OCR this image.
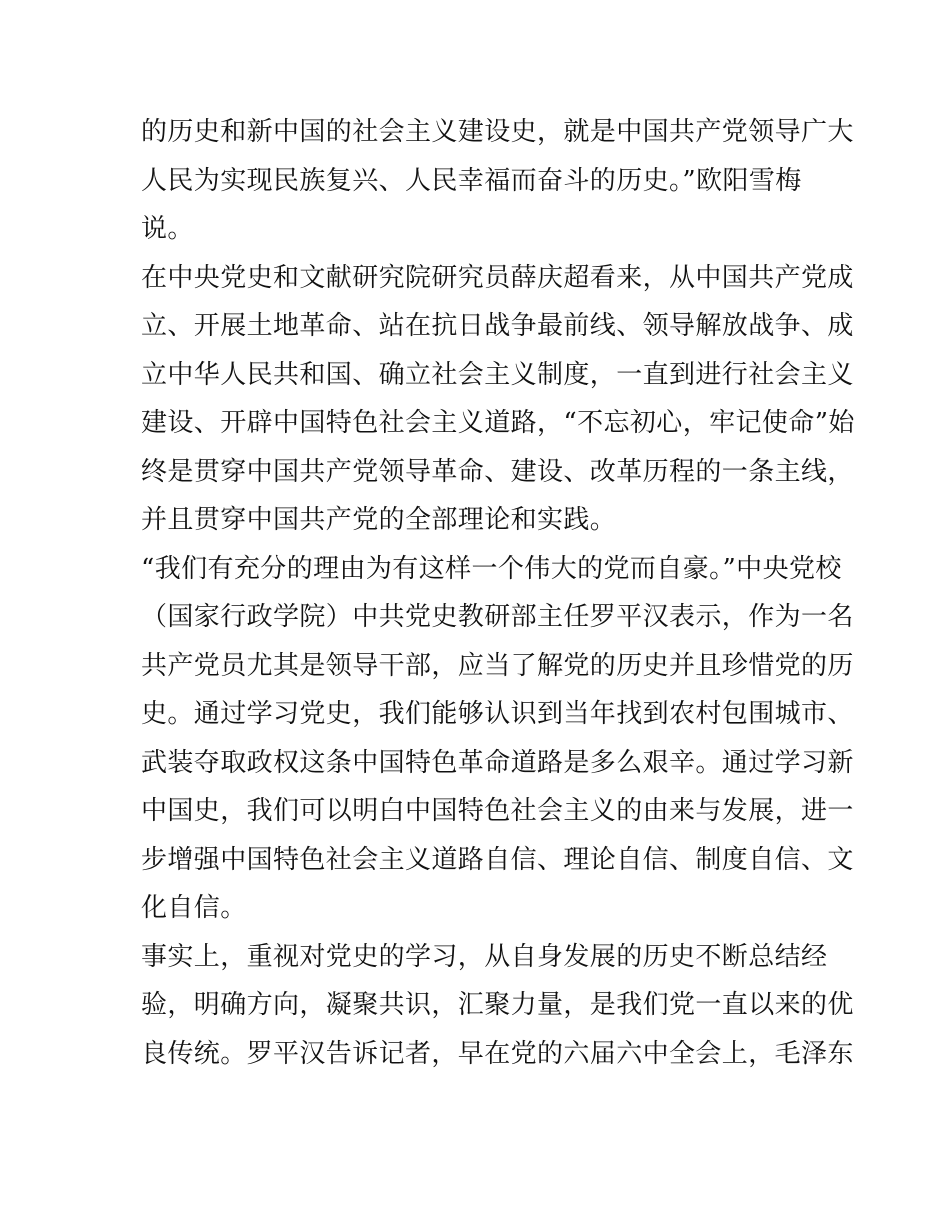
的历史和新中国的社会主义建设史，就是中国共产党领导广大
人民为实现民族复兴、人民幸福而奋斗的历史。”欧阳雪梅
说。
在中央党史和文献研究院研究员薛庆超看来，从中国共产党成
立、开展土地革命、站在抗日战争最前线、领导解放战争、成
立中华人民共和国、确立社会主义制度，一直到进行社会主义
建设、开辟中国特色社会主义道路，“不忘初心，牢记使命”始
终是贯穿中国共产党领导革命、建设、改革历程的一条主线，
并且贯穿中国共产党的全部理论和实践。
“我们有充分的理由为有这样一个伟大的党而自豪。”中央党校
（国家行政学院）中共党史教研部主任罗平汉表示，作为一名
共产党员尤其是领导干部，应当了解党的历史并且珍惜党的历
史。通过学习党史，我们能够认识到当年找到农村包围城市、
武装夺取政权这条中国特色革命道路是多么艰辛。通过学习新
中国史，我们可以明白中国特色社会主义的由来与发展，进一
步增强中国特色社会主义道路自信、理论自信、制度自信、文
化自信。
事实上，重视对党史的学习，从自身发展的历史不断总结经
验，明确方向，凝聚共识，汇聚力量，是我们党一直以来的优
良传统。罗平汉告诉记者，早在党的六届六中全会上，毛泽东
